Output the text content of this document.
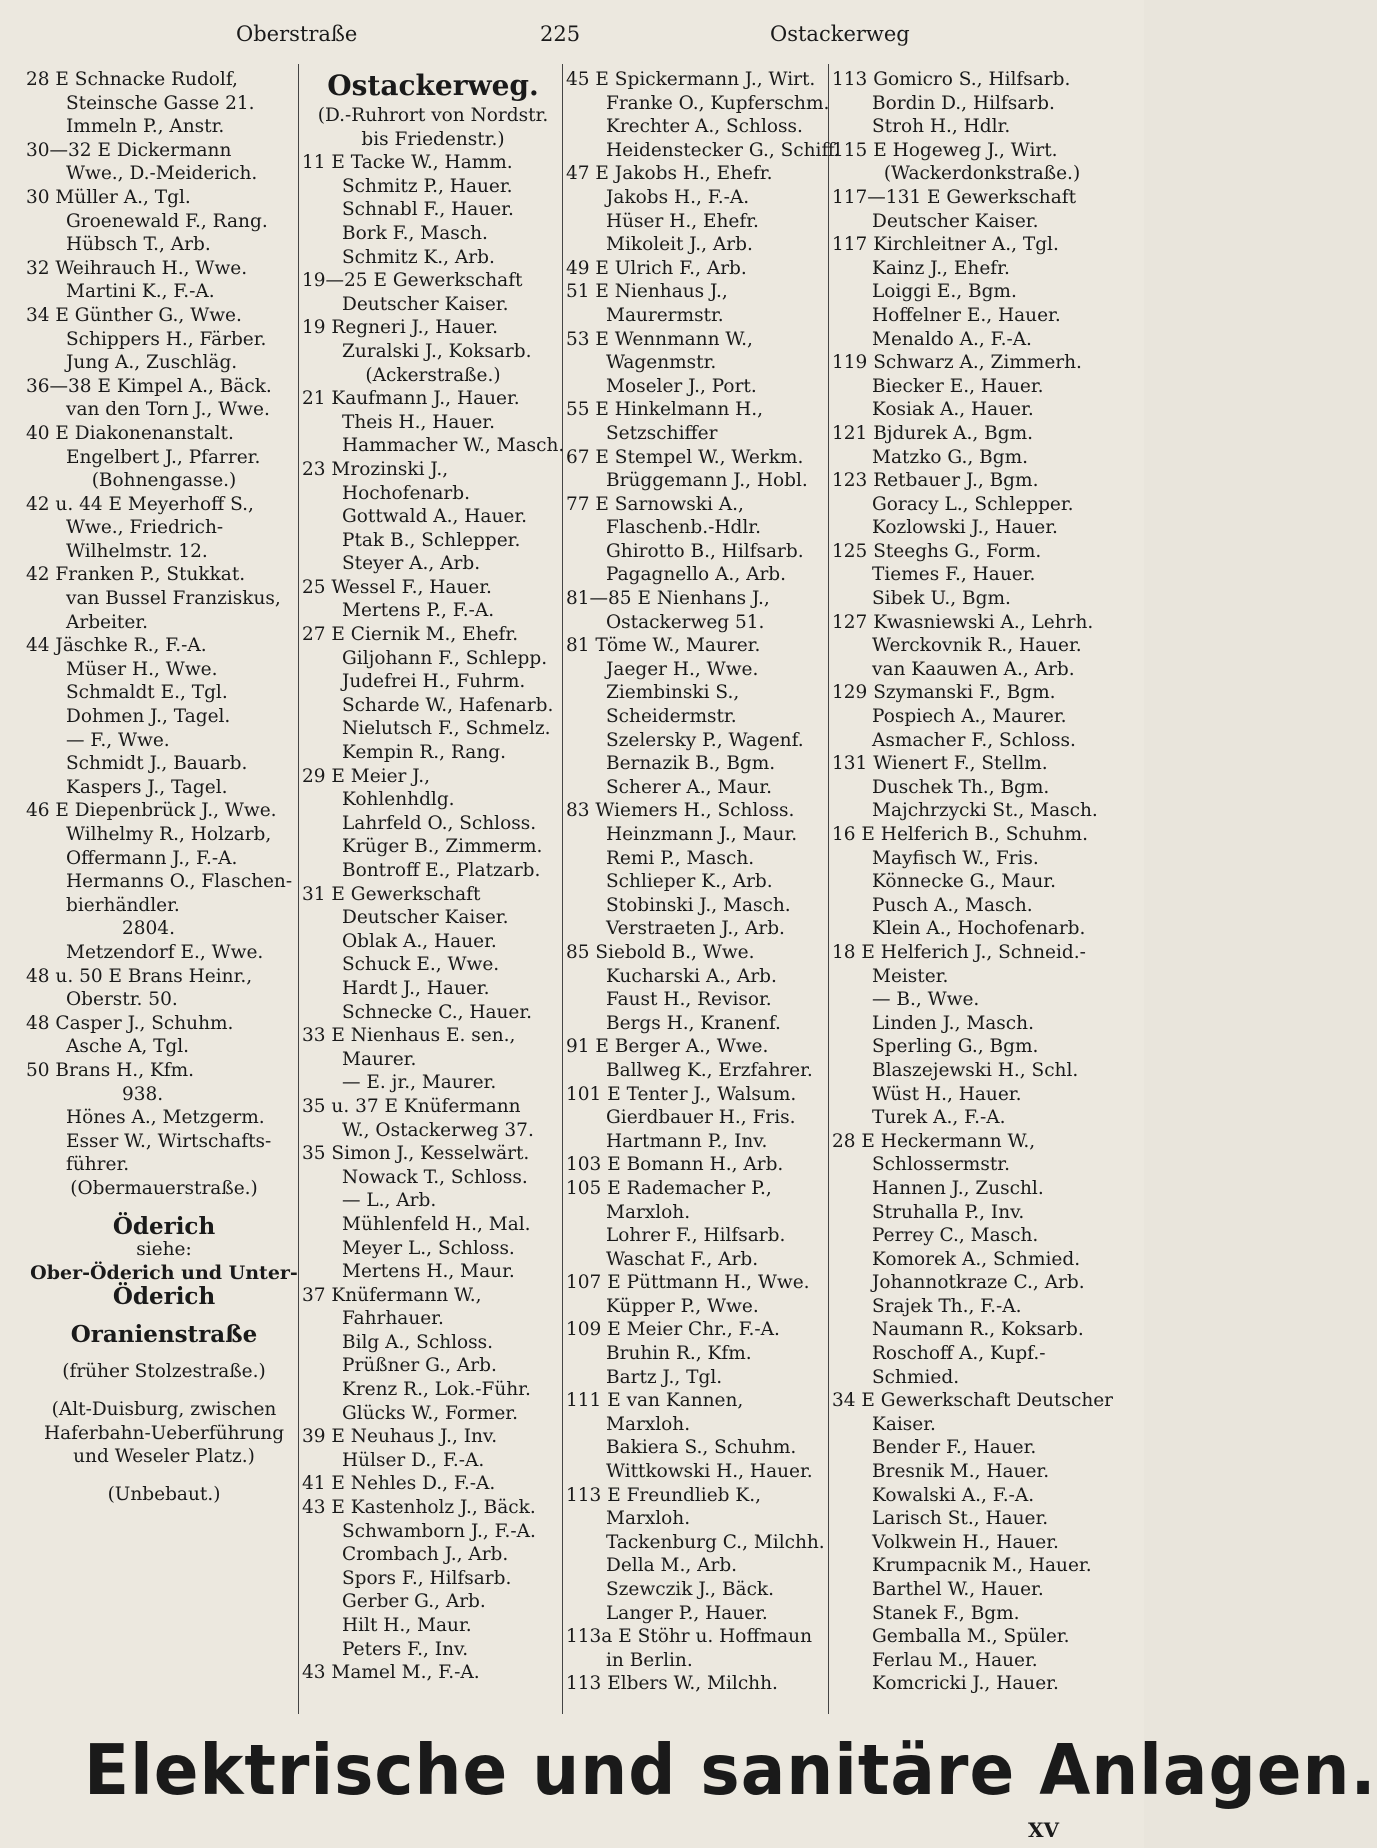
Oberstraße	225	Ostackerweg
28 E Schnacke Rudolf,
Steinsche Gasse 21.
Immeln P., Anstr.
30—32 E Dickermann
Wwe., D.-Meiderich.
30 Müller A., Tgl.
Groenewald F., Rang.
Hübsch T., Arb.
32 Weihrauch H., Wwe.
Martini K., F.-A.
34 E Günther G., Wwe.
Schippers H., Färber.
Jung A., Zuschläg.
36—38 E Kimpel A., Bäck.
van den Torn J., Wwe.
40 E Diakonenanstalt.
Engelbert J., Pfarrer.
(Bohnengasse.)
42 u. 44 E Meyerhoff S.,
Wwe., Friedrich-
Wilhelmstr. 12.
42 Franken P., Stukkat.
van Bussel Franziskus,
Arbeiter.
44 Jäschke R., F.-A.
Müser H., Wwe.
Schmaldt E., Tgl.
Dohmen J., Tagel.
— F., Wwe.
Schmidt J., Bauarb.
Kaspers J., Tagel.
46 E Diepenbrück J., Wwe.
Wilhelmy R., Holzarb,
Offermann J., F.-A.
Hermanns O., Flaschen-
bierhändler.
2804.
Metzendorf E., Wwe.
48 u. 50 E Brans Heinr.,
Oberstr. 50.
48 Casper J., Schuhm.
Asche A, Tgl.
50 Brans H., Kfm.
938.
Hönes A., Metzgerm.
Esser W., Wirtschafts-
führer.
(Obermauerstraße.)
Öderich
siehe:
Ober-Öderich und Unter-
Öderich
Oranienstraße
(früher Stolzestraße.)
(Alt-Duisburg, zwischen
Haferbahn-Ueberführung
und Weseler Platz.)
(Unbebaut.)
Ostackerweg.
(D.-Ruhrort von Nordstr.
bis Friedenstr.)
11 E Tacke W., Hamm.
Schmitz P., Hauer.
Schnabl F., Hauer.
Bork F., Masch.
Schmitz K., Arb.
19—25 E Gewerkschaft
Deutscher Kaiser.
19 Regneri J., Hauer.
Zuralski J., Koksarb.
(Ackerstraße.)
21 Kaufmann J., Hauer.
Theis H., Hauer.
Hammacher W., Masch.
23 Mrozinski J.,
Hochofenarb.
Gottwald A., Hauer.
Ptak B., Schlepper.
Steyer A., Arb.
25 Wessel F., Hauer.
Mertens P., F.-A.
27 E Ciernik M., Ehefr.
Giljohann F., Schlepp.
Judefrei H., Fuhrm.
Scharde W., Hafenarb.
Nielutsch F., Schmelz.
Kempin R., Rang.
29 E Meier J.,
Kohlenhdlg.
Lahrfeld O., Schloss.
Krüger B., Zimmerm.
Bontroff E., Platzarb.
31 E Gewerkschaft
Deutscher Kaiser.
Oblak A., Hauer.
Schuck E., Wwe.
Hardt J., Hauer.
Schnecke C., Hauer.
33 E Nienhaus E. sen.,
Maurer.
— E. jr., Maurer.
35 u. 37 E Knüfermann
W., Ostackerweg 37.
35 Simon J., Kesselwärt.
Nowack T., Schloss.
— L., Arb.
Mühlenfeld H., Mal.
Meyer L., Schloss.
Mertens H., Maur.
37 Knüfermann W.,
Fahrhauer.
Bilg A., Schloss.
Prüßner G., Arb.
Krenz R., Lok.-Führ.
Glücks W., Former.
39 E Neuhaus J., Inv.
Hülser D., F.-A.
41 E Nehles D., F.-A.
43 E Kastenholz J., Bäck.
Schwamborn J., F.-A.
Crombach J., Arb.
Spors F., Hilfsarb.
Gerber G., Arb.
Hilt H., Maur.
Peters F., Inv.
43 Mamel M., F.-A.
45 E Spickermann J., Wirt.
Franke O., Kupferschm.
Krechter A., Schloss.
Heidenstecker G., Schiff.
47 E Jakobs H., Ehefr.
Jakobs H., F.-A.
Hüser H., Ehefr.
Mikoleit J., Arb.
49 E Ulrich F., Arb.
51 E Nienhaus J.,
Maurermstr.
53 E Wennmann W.,
Wagenmstr.
Moseler J., Port.
55 E Hinkelmann H.,
Setzschiffer
67 E Stempel W., Werkm.
Brüggemann J., Hobl.
77 E Sarnowski A.,
Flaschenb.-Hdlr.
Ghirotto B., Hilfsarb.
Pagagnello A., Arb.
81—85 E Nienhans J.,
Ostackerweg 51.
81 Töme W., Maurer.
Jaeger H., Wwe.
Ziembinski S.,
Scheidermstr.
Szelersky P., Wagenf.
Bernazik B., Bgm.
Scherer A., Maur.
83 Wiemers H., Schloss.
Heinzmann J., Maur.
Remi P., Masch.
Schlieper K., Arb.
Stobinski J., Masch.
Verstraeten J., Arb.
85 Siebold B., Wwe.
Kucharski A., Arb.
Faust H., Revisor.
Bergs H., Kranenf.
91 E Berger A., Wwe.
Ballweg K., Erzfahrer.
101 E Tenter J., Walsum.
Gierdbauer H., Fris.
Hartmann P., Inv.
103 E Bomann H., Arb.
105 E Rademacher P.,
Marxloh.
Lohrer F., Hilfsarb.
Waschat F., Arb.
107 E Püttmann H., Wwe.
Küpper P., Wwe.
109 E Meier Chr., F.-A.
Bruhin R., Kfm.
Bartz J., Tgl.
111 E van Kannen,
Marxloh.
Bakiera S., Schuhm.
Wittkowski H., Hauer.
113 E Freundlieb K.,
Marxloh.
Tackenburg C., Milchh.
Della M., Arb.
Szewczik J., Bäck.
Langer P., Hauer.
113a E Stöhr u. Hoffmaun
in Berlin.
113 Elbers W., Milchh.
113 Gomicro S., Hilfsarb.
Bordin D., Hilfsarb.
Stroh H., Hdlr.
115 E Hogeweg J., Wirt.
(Wackerdonkstraße.)
117—131 E Gewerkschaft
Deutscher Kaiser.
117 Kirchleitner A., Tgl.
Kainz J., Ehefr.
Loiggi E., Bgm.
Hoffelner E., Hauer.
Menaldo A., F.-A.
119 Schwarz A., Zimmerh.
Biecker E., Hauer.
Kosiak A., Hauer.
121 Bjdurek A., Bgm.
Matzko G., Bgm.
123 Retbauer J., Bgm.
Goracy L., Schlepper.
Kozlowski J., Hauer.
125 Steeghs G., Form.
Tiemes F., Hauer.
Sibek U., Bgm.
127 Kwasniewski A., Lehrh.
Werckovnik R., Hauer.
van Kaauwen A., Arb.
129 Szymanski F., Bgm.
Pospiech A., Maurer.
Asmacher F., Schloss.
131 Wienert F., Stellm.
Duschek Th., Bgm.
Majchrzycki St., Masch.
16 E Helferich B., Schuhm.
Mayfisch W., Fris.
Könnecke G., Maur.
Pusch A., Masch.
Klein A., Hochofenarb.
18 E Helferich J., Schneid.-
Meister.
— B., Wwe.
Linden J., Masch.
Sperling G., Bgm.
Blaszejewski H., Schl.
Wüst H., Hauer.
Turek A., F.-A.
28 E Heckermann W.,
Schlossermstr.
Hannen J., Zuschl.
Struhalla P., Inv.
Perrey C., Masch.
Komorek A., Schmied.
Johannotkraze C., Arb.
Srajek Th., F.-A.
Naumann R., Koksarb.
Roschoff A., Kupf.-
Schmied.
34 E Gewerkschaft Deutscher
Kaiser.
Bender F., Hauer.
Bresnik M., Hauer.
Kowalski A., F.-A.
Larisch St., Hauer.
Volkwein H., Hauer.
Krumpacnik M., Hauer.
Barthel W., Hauer.
Stanek F., Bgm.
Gemballa M., Spüler.
Ferlau M., Hauer.
Komcricki J., Hauer.
Elektrische und sanitäre Anlagen.
XV
